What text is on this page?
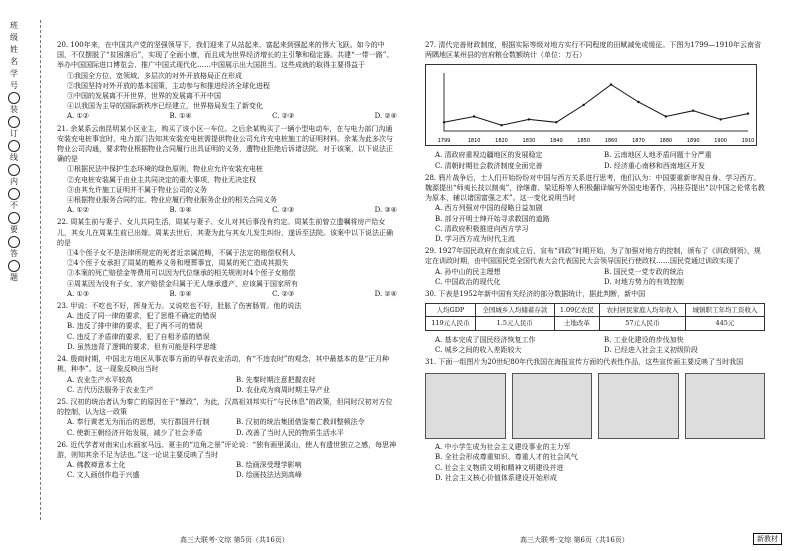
班级
姓名
学号
装
订
线
内
不
要
答
题
20. 100年来，在中国共产党的坚强领导下，我们迎来了从站起来、富起来到强起来的伟大飞跃。如今的中国，不仅摆脱了“贫困落后”，实现了全面小康，而且成为世界经济增长的主引擎和稳定器。共建“一带一路”、举办中国国际进口博览会、推广中国式现代化……中国展示出大国担当。这些成就的取得主要得益于
①我国全方位、宽领域、多层次的对外开放格局正在形成
②我国坚持对外开放的基本国策，主动参与和推进经济全球化进程
③中国的发展离不开世界，世界的发展离不开中国
④以我国为主导的国际新秩序已经建立，世界格局发生了新变化
A. ①②	B. ①④	C. ②③	D. ②④
21. 余某系云南昆明某小区业主，购买了该小区一车位。之后余某购买了一辆小型电动车，在与电力部门沟通安装充电桩事宜时，电力部门告知其安装充电桩需提供物业公司允许充电桩施工的证明材料。余某为此多次与物业公司沟通，要求物业根据物业合同履行出具证明的义务，遭物业拒绝后诉诸法院。对于该案，以下说法正确的是
①根据民法中保护生态环境的绿色原则，物业应允许安装充电桩
②充电桩安装属于由业主共同决定的重大事项，物业无决定权
③由其允许施工证明并不属于物业公司的义务
④根据物业服务合同约定，物业应履行物业服务企业的相关合同义务
A. ①②	B. ①④	C. ②③	D. ③④
22. 周某生前与妻子、女儿共同生活，周某与妻子、女儿对其后事没有约定。周某生前曾立遗嘱将房产给女儿，其女儿在周某生前已出嫁。周某去世后，其妻为此与其女儿发生纠纷，遂诉至法院。该案中以下说法正确的是
①4个侄子女不是法律所规定的死者近亲属范畴，不属于法定的赔偿权利人
②4个侄子女承担了周某的赡养义务和埋葬事宜，周某的死亡造成其损失
③本案的死亡赔偿金等费用可以因为代位继承的相关规则对4个侄子女赔偿
④周某因为没有子女，家产赔偿金归属于无人继承遗产，应该属于国家所有
A. ①③	B. ①④	C. ②③	D. ②④
23. 甲说：不吃也不好，挥身无力。又说吃也不好，肚胀了伤害肠胃。他的说法
A. 违反了同一律的要求，犯了思维不确定的错误
B. 违反了排中律的要求，犯了两不可的错误
C. 违反了矛盾律的要求，犯了自相矛盾的错误
D. 虽然违背了逻辑的要求，但有可能是科学思维
24. 殷商时期，中国北方地区从事农事方面的早春农业活动，有“不违农时”的观念，其中最基本的是“正月种桃、种李”。这一现象反映出当时
A. 农业生产水平较高	B. 先秦时期注意把握农时
C. 古代历法服务于农业生产	D. 农业成为商周时期主导产业
25. 汉初的统治者认为秦亡的原因在于“暴政”，为此，汉高祖刘邦实行“与民休息”的政策，但同时汉初对方位的控制，认为这一政策
A. 奉行黄老无为而治的思想，实行郡国并行制	B. 汉初的统治集团借鉴秦亡教训整顿法令
C. 使新王朝经济开始发展，减少了社会矛盾	D. 改善了当时人民的物质生活水平
26. 近代学者对南宋山水画家马远、夏圭的“边角之景”评论说：“独有画里溪山，使人有遗世独立之感，每思神游，则知其余不足为法也。”这一论说主要反映了当时
A. 佛教禅意本土化	B. 绘画深受理学影响
C. 文人画创作趋于兴盛	D. 绘画技法达到高峰
27. 清代完善财政制度，根据实际等级对地方实行不同程度的田赋减免或缓征。下图为1799—1910年云南省两隅地区某州县的官府粮仓数额统计（单位：万石）
1799	1810	1820	1830	1840	1850	1860	1870	1880	1890	1900	1910
A. 清政府重视边疆地区的发展稳定	B. 云南地区人地矛盾问题十分严重
C. 清朝时期社会救济制度全面完善	D. 经济重心南移和西南地区开发
28. 鸦片战争后，士人们开始纷纷对中国与西方关系进行思考，他们认为：中国要重新审视自身、学习西方。魏源提出“师夷长技以制夷”，徐继畬、梁廷枏等人积极翻译编写外国史地著作，冯桂芬提出“以中国之伦常名教为原本，辅以诸国富强之术”。这一变化说明当时
A. 西方列强对中国的侵略日益加剧
B. 部分开明士绅开始寻求救国的道路
C. 清政府积极推进向西方学习
D. 学习西方成为时代主流
29. 1927年国民政府在南京成立后，宣布“训政”时期开始，为了加强对地方的控制，颁布了《训政纲领》，规定在训政时期，由中国国民党全国代表大会代表国民大会领导国民行使政权……国民党通过训政实现了
A. 孙中山的民主理想	B. 国民党一党专政的统治
C. 中国政治的现代化	D. 对地方势力的有效控制
30. 下表是1952年新中国有关经济的部分数据统计，据此判断，新中国
人均GDP	全国城乡人均储蓄存款	1.09亿农民	农村居民家庭人均年收入	城镇职工年均工资收入
119元人民币	1.5元人民币	土地改革	57元人民币	445元
A. 基本完成了国民经济恢复工作	B. 工业化建设的步伐加快
C. 城乡之间的收入差距较大	D. 已经进入社会主义初级阶段
31. 下面一组图片为20世纪80年代我国在海报宣传方面的代表性作品，这些宣传画主要反映了当时我国
A. 中小学生成为社会主义建设事业的主力军
B. 全社会形成尊重知识、尊重人才的社会风气
C. 社会主义物质文明和精神文明建设并进
D. 社会主义核心价值体系建设开始形成
高三大联考·文综 第5页（共16页）	高三大联考·文综 第6页（共16页）	新教材
